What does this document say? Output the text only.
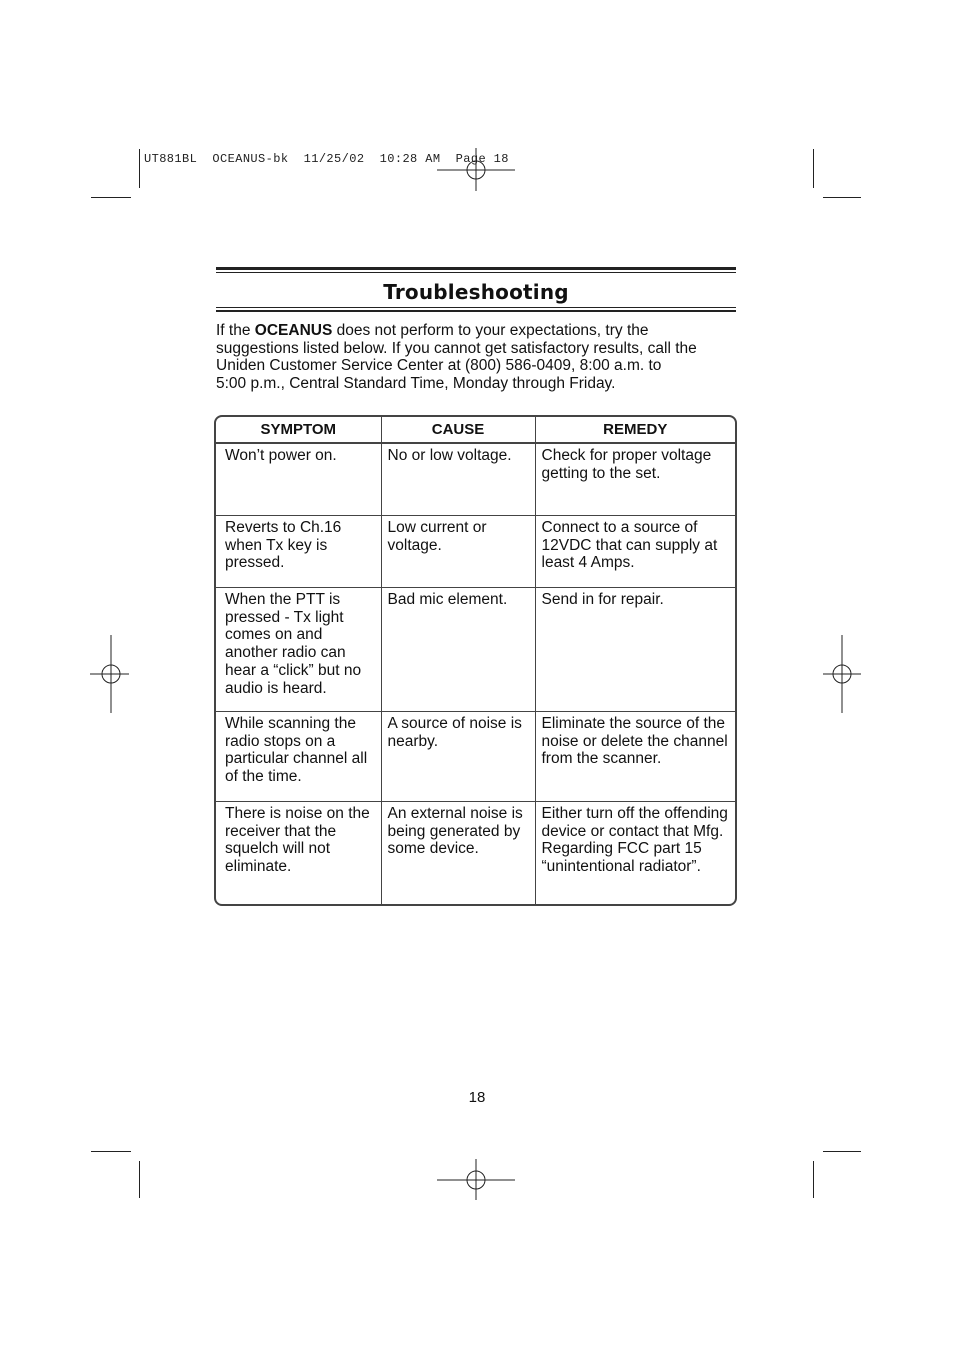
UT881BL  OCEANUS-bk  11/25/02  10:28 AM  Page 18
Troubleshooting
If the OCEANUS does not perform to your expectations, try the
suggestions listed below. If you cannot get satisfactory results, call the
Uniden Customer Service Center at (800) 586-0409, 8:00 a.m. to
5:00 p.m., Central Standard Time, Monday through Friday.
SYMPTOM	CAUSE	REMEDY
Won’t power on.	No or low voltage.	Check for proper voltage getting to the set.
Reverts to Ch.16 when Tx key is pressed.	Low current or voltage.	Connect to a source of 12VDC that can supply at least 4 Amps.
When the PTT is pressed - Tx light comes on and another radio can hear a “click” but no audio is heard.	Bad mic element.	Send in for repair.
While scanning the radio stops on a particular channel all of the time.	A source of noise is nearby.	Eliminate the source of the noise or delete the channel from the scanner.
There is noise on the receiver that the squelch will not eliminate.	An external noise is being generated by some device.	Either turn off the offending device or contact that Mfg. Regarding FCC part 15 “unintentional radiator”.
18
